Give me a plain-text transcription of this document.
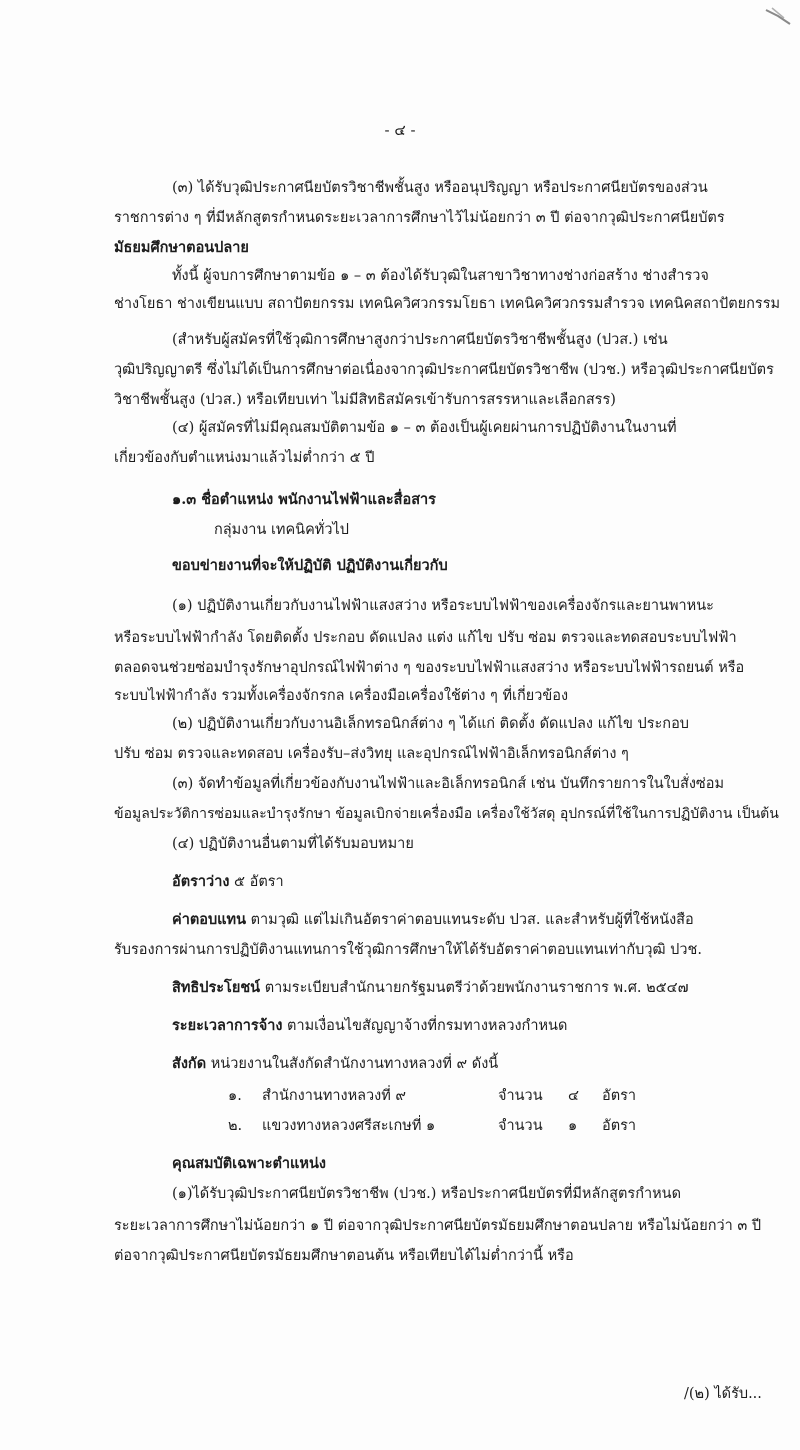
- ๔ -
(๓) ได้รับวุฒิประกาศนียบัตรวิชาชีพชั้นสูง หรืออนุปริญญา หรือประกาศนียบัตรของส่วน
ราชการต่าง ๆ ที่มีหลักสูตรกำหนดระยะเวลาการศึกษาไว้ไม่น้อยกว่า ๓ ปี ต่อจากวุฒิประกาศนียบัตร
มัธยมศึกษาตอนปลาย
ทั้งนี้ ผู้จบการศึกษาตามข้อ ๑ – ๓ ต้องได้รับวุฒิในสาขาวิชาทางช่างก่อสร้าง ช่างสำรวจ
ช่างโยธา ช่างเขียนแบบ สถาปัตยกรรม เทคนิควิศวกรรมโยธา เทคนิควิศวกรรมสำรวจ เทคนิคสถาปัตยกรรม
(สำหรับผู้สมัครที่ใช้วุฒิการศึกษาสูงกว่าประกาศนียบัตรวิชาชีพชั้นสูง (ปวส.) เช่น
วุฒิปริญญาตรี ซึ่งไม่ได้เป็นการศึกษาต่อเนื่องจากวุฒิประกาศนียบัตรวิชาชีพ (ปวช.) หรือวุฒิประกาศนียบัตร
วิชาชีพชั้นสูง (ปวส.) หรือเทียบเท่า ไม่มีสิทธิสมัครเข้ารับการสรรหาและเลือกสรร)
(๔) ผู้สมัครที่ไม่มีคุณสมบัติตามข้อ ๑ – ๓ ต้องเป็นผู้เคยผ่านการปฏิบัติงานในงานที่
เกี่ยวข้องกับตำแหน่งมาแล้วไม่ต่ำกว่า ๕ ปี
๑.๓ ชื่อตำแหน่ง พนักงานไฟฟ้าและสื่อสาร
กลุ่มงาน เทคนิคทั่วไป
ขอบข่ายงานที่จะให้ปฏิบัติ ปฏิบัติงานเกี่ยวกับ
(๑) ปฏิบัติงานเกี่ยวกับงานไฟฟ้าแสงสว่าง หรือระบบไฟฟ้าของเครื่องจักรและยานพาหนะ
หรือระบบไฟฟ้ากำลัง โดยติดตั้ง ประกอบ ดัดแปลง แต่ง แก้ไข ปรับ ซ่อม ตรวจและทดสอบระบบไฟฟ้า
ตลอดจนช่วยซ่อมบำรุงรักษาอุปกรณ์ไฟฟ้าต่าง ๆ ของระบบไฟฟ้าแสงสว่าง หรือระบบไฟฟ้ารถยนต์ หรือ
ระบบไฟฟ้ากำลัง รวมทั้งเครื่องจักรกล เครื่องมือเครื่องใช้ต่าง ๆ ที่เกี่ยวข้อง
(๒) ปฏิบัติงานเกี่ยวกับงานอิเล็กทรอนิกส์ต่าง ๆ ได้แก่ ติดตั้ง ดัดแปลง แก้ไข ประกอบ
ปรับ ซ่อม ตรวจและทดสอบ เครื่องรับ–ส่งวิทยุ และอุปกรณ์ไฟฟ้าอิเล็กทรอนิกส์ต่าง ๆ
(๓) จัดทำข้อมูลที่เกี่ยวข้องกับงานไฟฟ้าและอิเล็กทรอนิกส์ เช่น บันทึกรายการในใบสั่งซ่อม
ข้อมูลประวัติการซ่อมและบำรุงรักษา ข้อมูลเบิกจ่ายเครื่องมือ เครื่องใช้วัสดุ อุปกรณ์ที่ใช้ในการปฏิบัติงาน เป็นต้น
(๔) ปฏิบัติงานอื่นตามที่ได้รับมอบหมาย
อัตราว่าง ๕ อัตรา
ค่าตอบแทน ตามวุฒิ แต่ไม่เกินอัตราค่าตอบแทนระดับ ปวส. และสำหรับผู้ที่ใช้หนังสือ
รับรองการผ่านการปฏิบัติงานแทนการใช้วุฒิการศึกษาให้ได้รับอัตราค่าตอบแทนเท่ากับวุฒิ ปวช.
สิทธิประโยชน์ ตามระเบียบสำนักนายกรัฐมนตรีว่าด้วยพนักงานราชการ พ.ศ. ๒๕๔๗
ระยะเวลาการจ้าง ตามเงื่อนไขสัญญาจ้างที่กรมทางหลวงกำหนด
สังกัด หน่วยงานในสังกัดสำนักงานทางหลวงที่ ๙ ดังนี้
๑. สำนักงานทางหลวงที่ ๙	จำนวน ๔ อัตรา
๒. แขวงทางหลวงศรีสะเกษที่ ๑	จำนวน ๑ อัตรา
คุณสมบัติเฉพาะตำแหน่ง
(๑)ได้รับวุฒิประกาศนียบัตรวิชาชีพ (ปวช.) หรือประกาศนียบัตรที่มีหลักสูตรกำหนด
ระยะเวลาการศึกษาไม่น้อยกว่า ๑ ปี ต่อจากวุฒิประกาศนียบัตรมัธยมศึกษาตอนปลาย หรือไม่น้อยกว่า ๓ ปี
ต่อจากวุฒิประกาศนียบัตรมัธยมศึกษาตอนต้น หรือเทียบได้ไม่ต่ำกว่านี้ หรือ
/(๒) ได้รับ...
